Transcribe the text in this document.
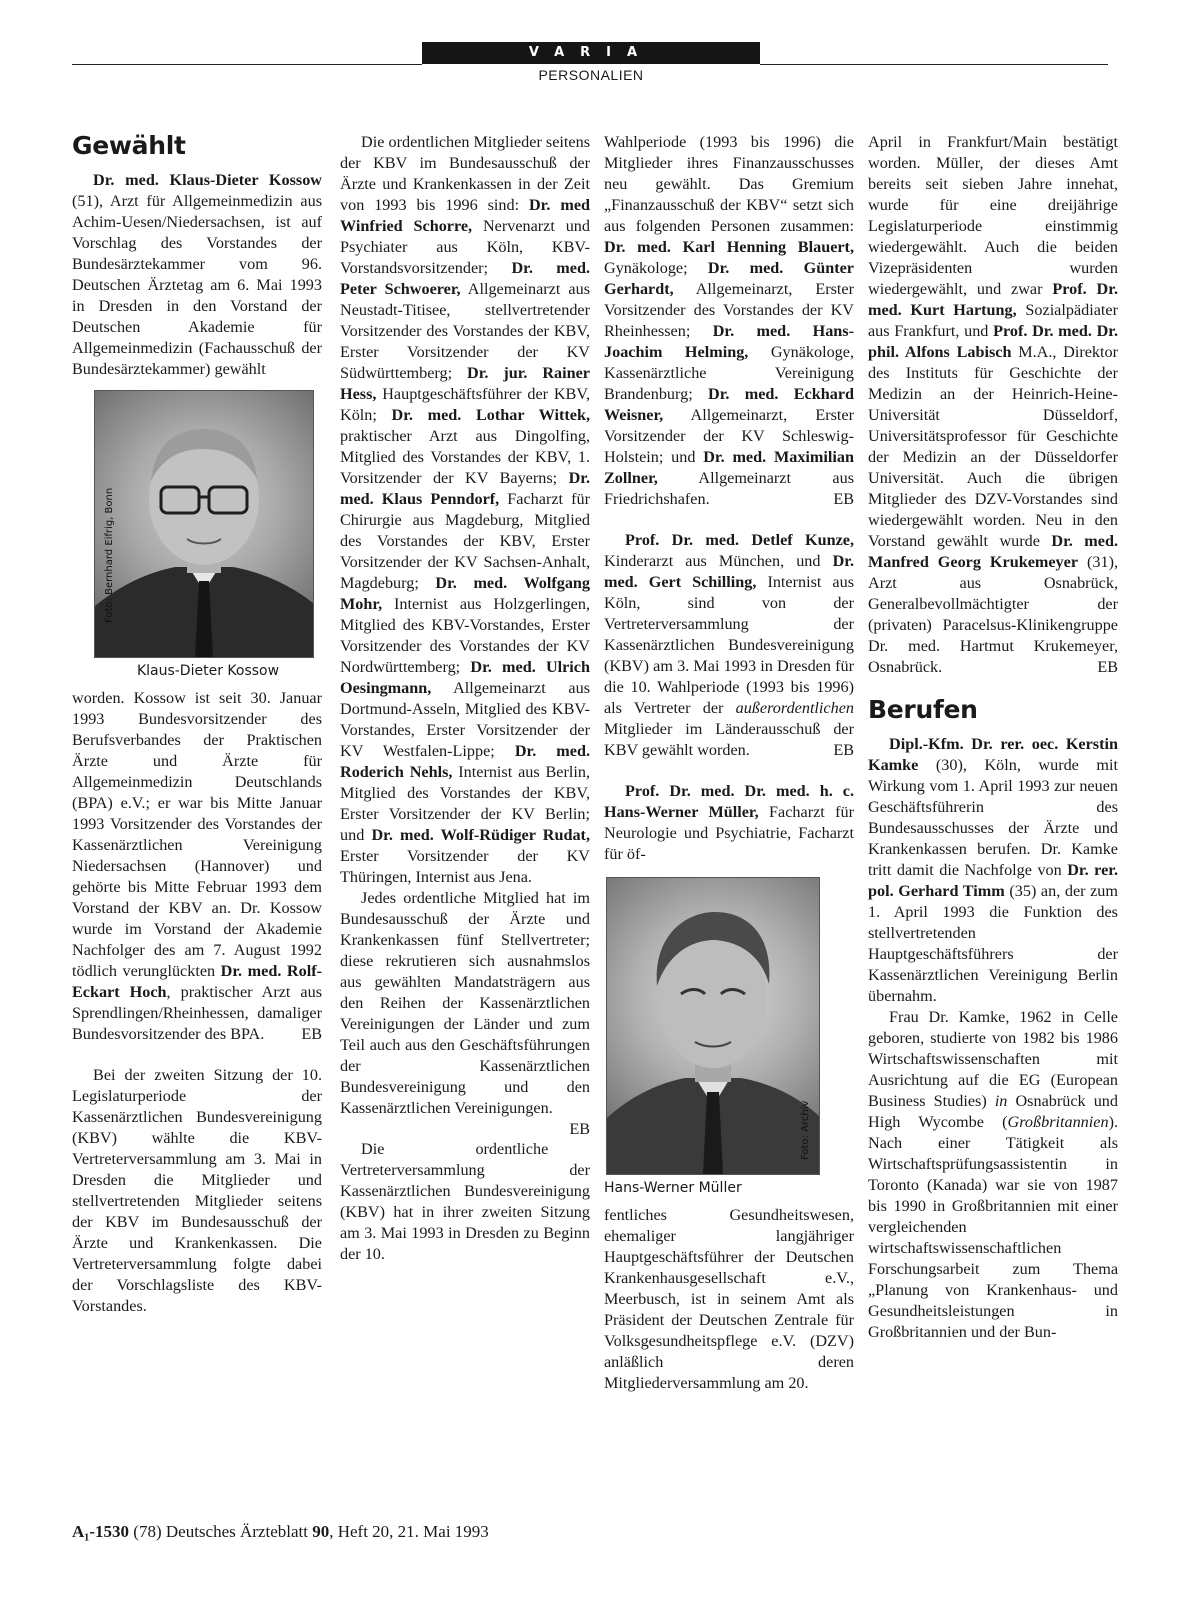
VARIA
PERSONALIEN
Gewählt

Dr. med. Klaus-Dieter Kossow (51), Arzt für Allgemeinmedizin aus Achim-Uesen/Niedersachsen, ist auf Vorschlag des Vorstandes der Bundesärztekammer vom 96. Deutschen Ärztetag am 6. Mai 1993 in Dresden in den Vorstand der Deutschen Akademie für Allgemeinmedizin (Fachausschuß der Bundesärztekammer) gewählt

Foto: Bernhard Eifrig, Bonn
Klaus-Dieter Kossow

worden. Kossow ist seit 30. Januar 1993 Bundesvorsitzender des Berufsverbandes der Praktischen Ärzte und Ärzte für Allgemeinmedizin Deutschlands (BPA) e.V.; er war bis Mitte Januar 1993 Vorsitzender des Vorstandes der Kassenärztlichen Vereinigung Niedersachsen (Hannover) und gehörte bis Mitte Februar 1993 dem Vorstand der KBV an. Dr. Kossow wurde im Vorstand der Akademie Nachfolger des am 7. August 1992 tödlich verunglückten Dr. med. Rolf-Eckart Hoch, praktischer Arzt aus Sprendlingen/Rheinhessen, damaliger Bundesvorsitzender des BPA. EB

Bei der zweiten Sitzung der 10. Legislaturperiode der Kassenärztlichen Bundesvereinigung (KBV) wählte die KBV-Vertreterversammlung am 3. Mai in Dresden die Mitglieder und stellvertretenden Mitglieder seitens der KBV im Bundesausschuß der Ärzte und Krankenkassen. Die Vertreterversammlung folgte dabei der Vorschlagsliste des KBV-Vorstandes.

Die ordentlichen Mitglieder seitens der KBV im Bundesausschuß der Ärzte und Krankenkassen in der Zeit von 1993 bis 1996 sind: Dr. med Winfried Schorre, Nervenarzt und Psychiater aus Köln, KBV-Vorstandsvorsitzender; Dr. med. Peter Schwoerer, Allgemeinarzt aus Neustadt-Titisee, stellvertretender Vorsitzender des Vorstandes der KBV, Erster Vorsitzender der KV Südwürttemberg; Dr. jur. Rainer Hess, Hauptgeschäftsführer der KBV, Köln; Dr. med. Lothar Wittek, praktischer Arzt aus Dingolfing, Mitglied des Vorstandes der KBV, 1. Vorsitzender der KV Bayerns; Dr. med. Klaus Penndorf, Facharzt für Chirurgie aus Magdeburg, Mitglied des Vorstandes der KBV, Erster Vorsitzender der KV Sachsen-Anhalt, Magdeburg; Dr. med. Wolfgang Mohr, Internist aus Holzgerlingen, Mitglied des KBV-Vorstandes, Erster Vorsitzender des Vorstandes der KV Nordwürttemberg; Dr. med. Ulrich Oesingmann, Allgemeinarzt aus Dortmund-Asseln, Mitglied des KBV-Vorstandes, Erster Vorsitzender der KV Westfalen-Lippe; Dr. med. Roderich Nehls, Internist aus Berlin, Mitglied des Vorstandes der KBV, Erster Vorsitzender der KV Berlin; und Dr. med. Wolf-Rüdiger Rudat, Erster Vorsitzender der KV Thüringen, Internist aus Jena.

Jedes ordentliche Mitglied hat im Bundesausschuß der Ärzte und Krankenkassen fünf Stellvertreter; diese rekrutieren sich ausnahmslos aus gewählten Mandatsträgern aus den Reihen der Kassenärztlichen Vereinigungen der Länder und zum Teil auch aus den Geschäftsführungen der Kassenärztlichen Bundesvereinigung und den Kassenärztlichen Vereinigungen.
EB

Die ordentliche Vertreterversammlung der Kassenärztlichen Bundesvereinigung (KBV) hat in ihrer zweiten Sitzung am 3. Mai 1993 in Dresden zu Beginn der 10.

Wahlperiode (1993 bis 1996) die Mitglieder ihres Finanzausschusses neu gewählt. Das Gremium „Finanzausschuß der KBV“ setzt sich aus folgenden Personen zusammen: Dr. med. Karl Henning Blauert, Gynäkologe; Dr. med. Günter Gerhardt, Allgemeinarzt, Erster Vorsitzender des Vorstandes der KV Rheinhessen; Dr. med. Hans-Joachim Helming, Gynäkologe, Kassenärztliche Vereinigung Brandenburg; Dr. med. Eckhard Weisner, Allgemeinarzt, Erster Vorsitzender der KV Schleswig-Holstein; und Dr. med. Maximilian Zollner, Allgemeinarzt aus Friedrichshafen.	EB

Prof. Dr. med. Detlef Kunze, Kinderarzt aus München, und Dr. med. Gert Schilling, Internist aus Köln, sind von der Vertreterversammlung der Kassenärztlichen Bundesvereinigung (KBV) am 3. Mai 1993 in Dresden für die 10. Wahlperiode (1993 bis 1996) als Vertreter der außerordentlichen Mitglieder im Länderausschuß der KBV gewählt worden.	EB

Prof. Dr. med. Dr. med. h. c. Hans-Werner Müller, Facharzt für Neurologie und Psychiatrie, Facharzt für öf-

Foto: Archiv
Hans-Werner Müller

fentliches Gesundheitswesen, ehemaliger langjähriger Hauptgeschäftsführer der Deutschen Krankenhausgesellschaft e.V., Meerbusch, ist in seinem Amt als Präsident der Deutschen Zentrale für Volksgesundheitspflege e.V. (DZV) anläßlich deren Mitgliederversammlung am 20.

April in Frankfurt/Main bestätigt worden. Müller, der dieses Amt bereits seit sieben Jahre innehat, wurde für eine dreijährige Legislaturperiode einstimmig wiedergewählt. Auch die beiden Vizepräsidenten wurden wiedergewählt, und zwar Prof. Dr. med. Kurt Hartung, Sozialpädiater aus Frankfurt, und Prof. Dr. med. Dr. phil. Alfons Labisch M.A., Direktor des Instituts für Geschichte der Medizin an der Heinrich-Heine-Universität Düsseldorf, Universitätsprofessor für Geschichte der Medizin an der Düsseldorfer Universität. Auch die übrigen Mitglieder des DZV-Vorstandes sind wiedergewählt worden. Neu in den Vorstand gewählt wurde Dr. med. Manfred Georg Krukemeyer (31), Arzt aus Osnabrück, Generalbevollmächtigter der (privaten) Paracelsus-Klinikengruppe Dr. med. Hartmut Krukemeyer, Osnabrück.	EB

Berufen

Dipl.-Kfm. Dr. rer. oec. Kerstin Kamke (30), Köln, wurde mit Wirkung vom 1. April 1993 zur neuen Geschäftsführerin des Bundesausschusses der Ärzte und Krankenkassen berufen. Dr. Kamke tritt damit die Nachfolge von Dr. rer. pol. Gerhard Timm (35) an, der zum 1. April 1993 die Funktion des stellvertretenden Hauptgeschäftsführers der Kassenärztlichen Vereinigung Berlin übernahm.

Frau Dr. Kamke, 1962 in Celle geboren, studierte von 1982 bis 1986 Wirtschaftswissenschaften mit Ausrichtung auf die EG (European Business Studies) in Osnabrück und High Wycombe (Großbritannien). Nach einer Tätigkeit als Wirtschaftsprüfungsassistentin in Toronto (Kanada) war sie von 1987 bis 1990 in Großbritannien mit einer vergleichenden wirtschaftswissenschaftlichen Forschungsarbeit zum Thema „Planung von Krankenhaus- und Gesundheitsleistungen in Großbritannien und der Bun-

A₁-1530 (78) Deutsches Ärzteblatt 90, Heft 20, 21. Mai 1993
